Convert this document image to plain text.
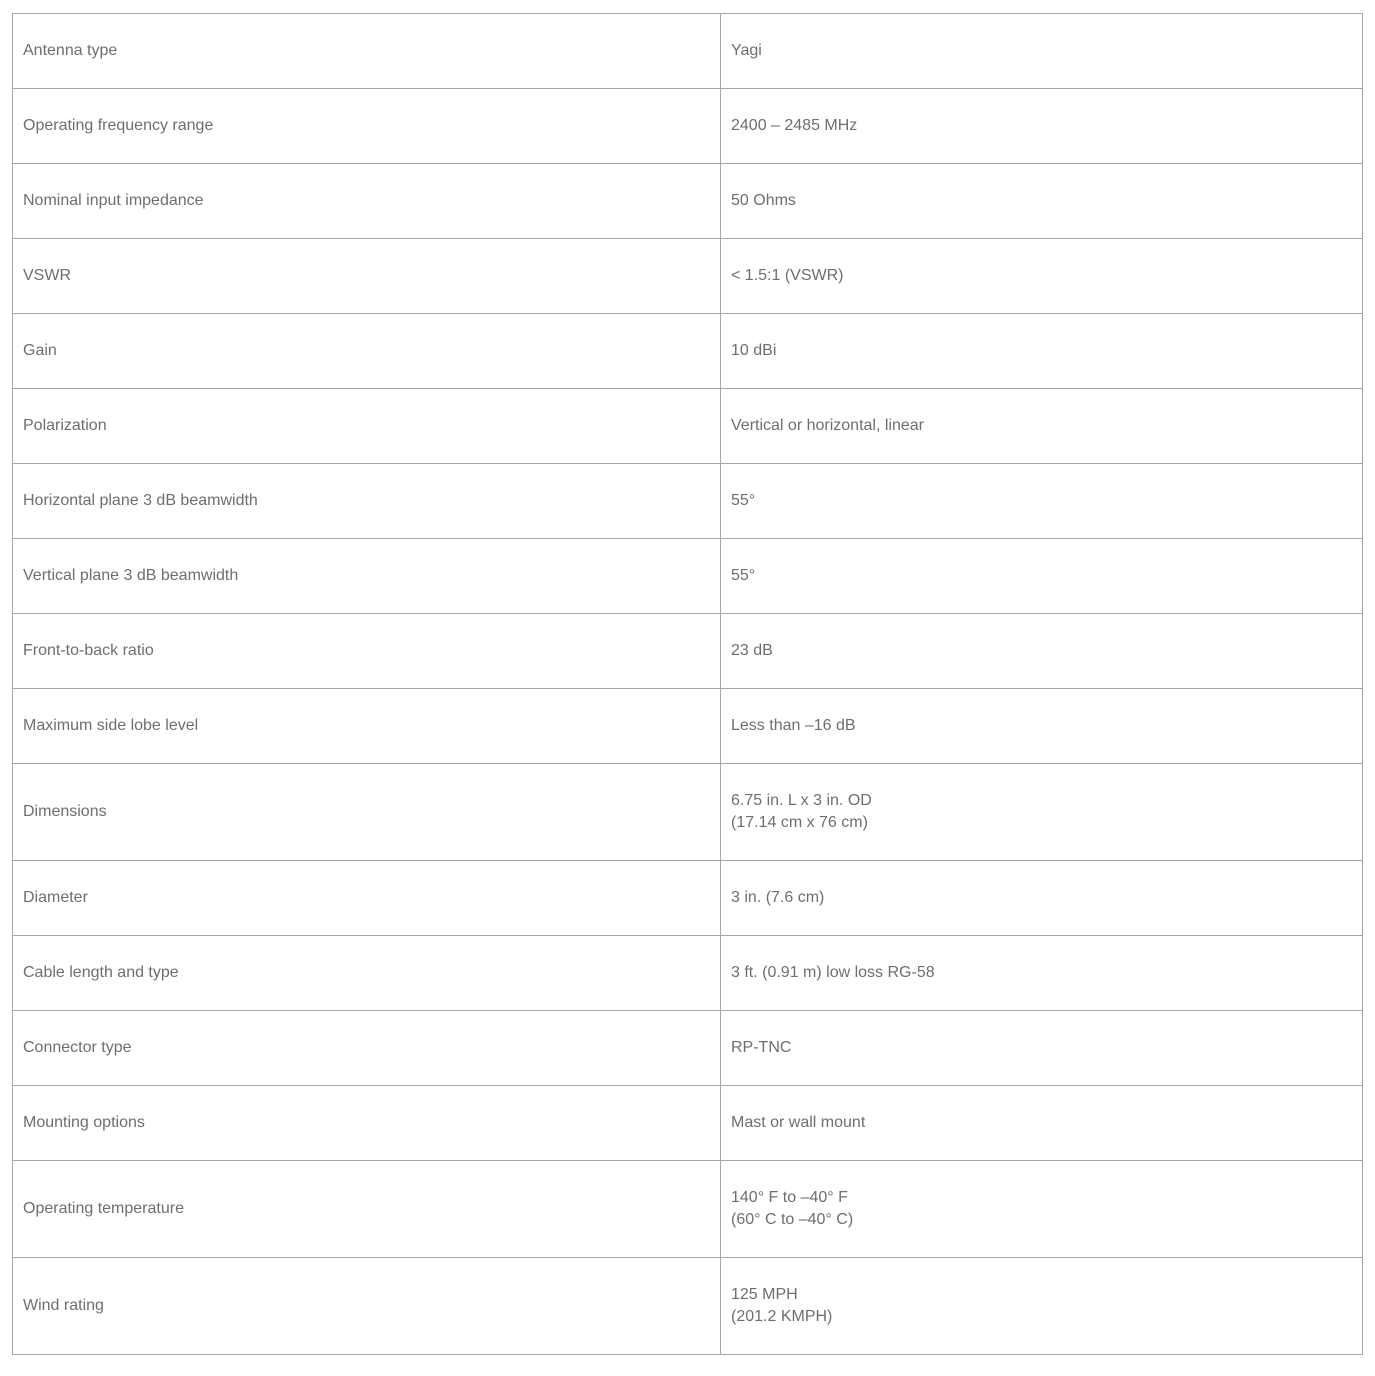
Antenna type	Yagi
Operating frequency range	2400 – 2485 MHz
Nominal input impedance	50 Ohms
VSWR	< 1.5:1 (VSWR)
Gain	10 dBi
Polarization	Vertical or horizontal, linear
Horizontal plane 3 dB beamwidth	55°
Vertical plane 3 dB beamwidth	55°
Front-to-back ratio	23 dB
Maximum side lobe level	Less than –16 dB
Dimensions	6.75 in. L x 3 in. OD
(17.14 cm x 76 cm)
Diameter	3 in. (7.6 cm)
Cable length and type	3 ft. (0.91 m) low loss RG-58
Connector type	RP-TNC
Mounting options	Mast or wall mount
Operating temperature	140° F to –40° F
(60° C to –40° C)
Wind rating	125 MPH
(201.2 KMPH)
